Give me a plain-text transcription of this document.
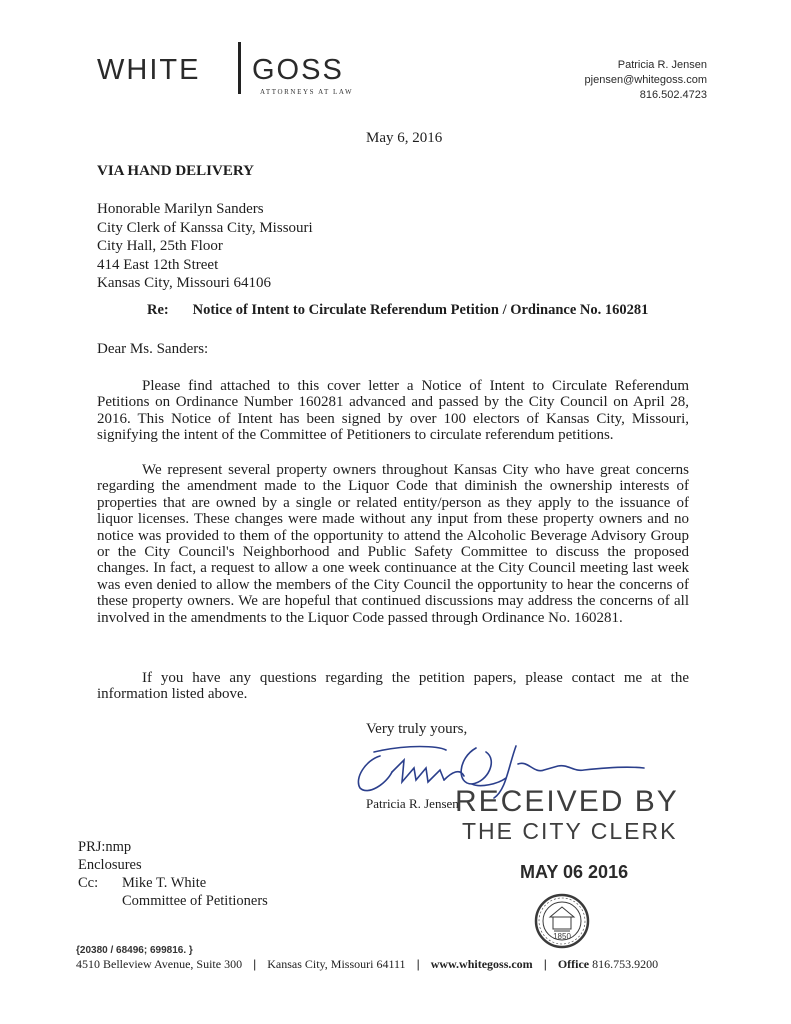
WHITE GOSS
ATTORNEYS AT LAW
Patricia R. Jensen
pjensen@whitegoss.com
816.502.4723
May 6, 2016
VIA HAND DELIVERY
Honorable Marilyn Sanders
City Clerk of Kanssa City, Missouri
City Hall, 25th Floor
414 East 12th Street
Kansas City, Missouri 64106
Re: Notice of Intent to Circulate Referendum Petition / Ordinance No. 160281
Dear Ms. Sanders:

Please find attached to this cover letter a Notice of Intent to Circulate Referendum Petitions on Ordinance Number 160281 advanced and passed by the City Council on April 28, 2016. This Notice of Intent has been signed by over 100 electors of Kansas City, Missouri, signifying the intent of the Committee of Petitioners to circulate referendum petitions.

We represent several property owners throughout Kansas City who have great concerns regarding the amendment made to the Liquor Code that diminish the ownership interests of properties that are owned by a single or related entity/person as they apply to the issuance of liquor licenses. These changes were made without any input from these property owners and no notice was provided to them of the opportunity to attend the Alcoholic Beverage Advisory Group or the City Council's Neighborhood and Public Safety Committee to discuss the proposed changes. In fact, a request to allow a one week continuance at the City Council meeting last week was even denied to allow the members of the City Council the opportunity to hear the concerns of these property owners. We are hopeful that continued discussions may address the concerns of all involved in the amendments to the Liquor Code passed through Ordinance No. 160281.

If you have any questions regarding the petition papers, please contact me at the information listed above.

Very truly yours,
Patricia R. Jensen
RECEIVED BY
THE CITY CLERK
MAY 06 2016
1850
PRJ:nmp
Enclosures
Cc: Mike T. White
Committee of Petitioners
{20380 / 68496; 699816. }
4510 Belleview Avenue, Suite 300 | Kansas City, Missouri 64111 | www.whitegoss.com | Office 816.753.9200
